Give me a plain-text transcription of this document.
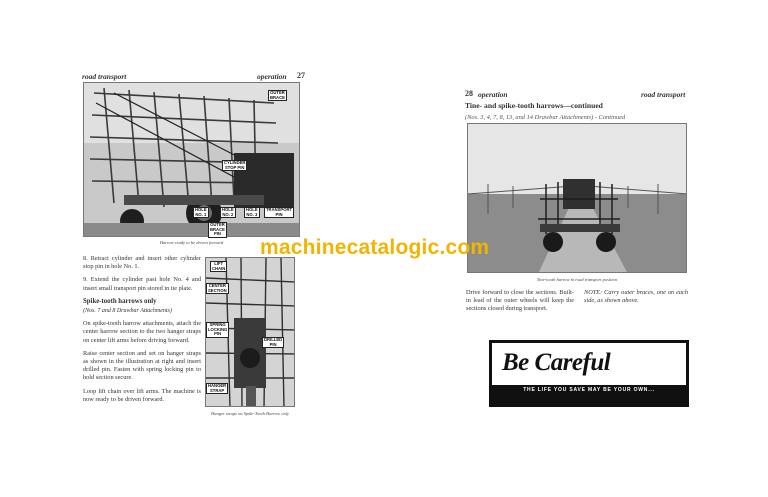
road transport	operation 27
OUTER
BRACE
CYLINDER
STOP PIN
HOLE
NO. 1
HOLE
NO. 2
HOLE
NO. 3
TRANSPORT
PIN
OUTER
BRACE
PIN
Harrow ready to be driven forward

8. Retract cylinder and insert other cylinder stop pin in hole No. 1.

9. Extend the cylinder past hole No. 4 and insert small transport pin stored in tie plate.

Spike-tooth harrows only

(Nos. 7 and 8 Drawbar Attachments)

On spike-tooth harrow attachments, attach the center harrow section to the two hanger straps on center lift arms before driving forward.

Raise center section and set on hanger straps as shown in the illustration at right and insert drilled pin. Fasten with spring locking pin to hold section secure.

Loop lift chain over lift arms. The machine is now ready to be driven forward.

LIFT
CHAIN
CENTER
SECTION
SPRING
LOCKING
PIN
DRILLED
PIN
HANGER
STRAP
Hanger straps on Spike-Tooth Harrow only
28 operation	road transport
Tine- and spike-tooth harrows—continued
(Nos. 3, 4, 7, 8, 13, and 14 Drawbar Attachments) - Continued
Tine-tooth harrow in road transport position
Drive forward to close the sections. Built-in lead of the outer wheels will keep the sections closed during transport.
NOTE: Carry outer braces, one on each side, as shown above.
Be Careful
THE LIFE YOU SAVE MAY BE YOUR OWN...
machinecatalogic.com
